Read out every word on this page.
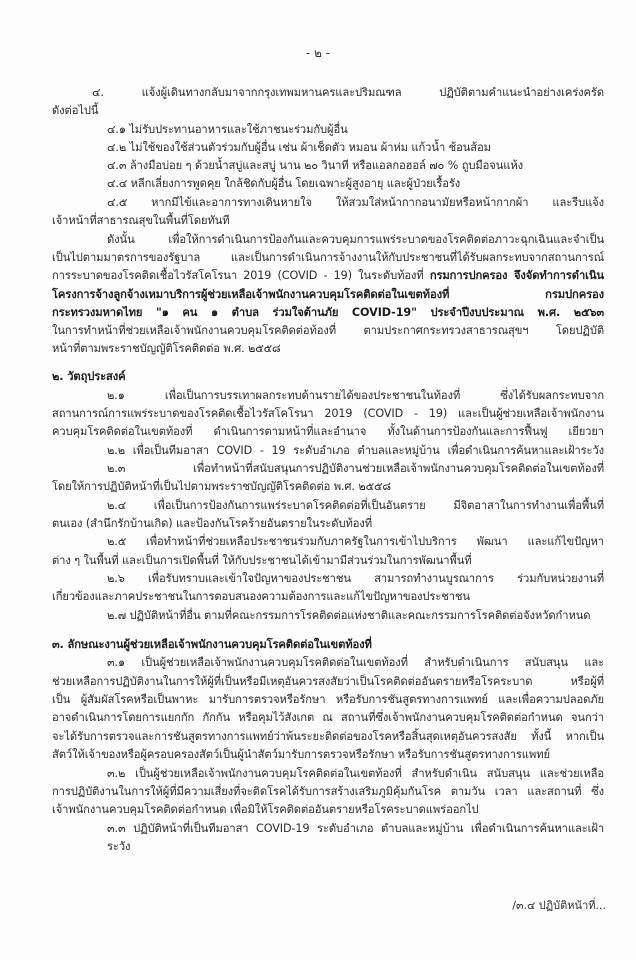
- ๒ -
๔. แจ้งผู้เดินทางกลับมาจากกรุงเทพมหานครและปริมณฑล ปฏิบัติตามคำแนะนำอย่างเคร่งครัด
ดังต่อไปนี้
๔.๑ ไม่รับประทานอาหารและใช้ภาชนะร่วมกับผู้อื่น
๔.๒ ไม่ใช้ของใช้ส่วนตัวร่วมกับผู้อื่น เช่น ผ้าเช็ดตัว หมอน ผ้าห่ม แก้วน้ำ ช้อนส้อม
๔.๓ ล้างมือบ่อย ๆ ด้วยน้ำสบู่และสบู่ นาน ๒๐ วินาที หรือแอลกอฮอล์ ๗๐ % ถูบมือจนแห้ง
๔.๔ หลีกเลี่ยงการพูดคุย ใกล้ชิดกับผู้อื่น โดยเฉพาะผู้สูงอายุ และผู้ป่วยเรื้อรัง
๔.๕ หากมีไข้และอาการทางเดินหายใจ ให้สวมใส่หน้ากากอนามัยหรือหน้ากากผ้า และรีบแจ้ง
เจ้าหน้าที่สาธารณสุขในพื้นที่โดยทันที
ดังนั้น เพื่อให้การดำเนินการป้องกันและควบคุมการแพร่ระบาดของโรคติดต่อภาวะฉุกเฉินและจำเป็น
เป็นไปตามมาตรการของรัฐบาล และเป็นการดำเนินการจ้างงานให้กับประชาชนที่ได้รับผลกระทบจากสถานการณ์
การระบาดของโรคติดเชื้อไวรัสโคโรนา 2019 (COVID - 19) ในระดับท้องที่ กรมการปกครอง จึงจัดทำการดำเนิน
โครงการจ้างลูกจ้างเหมาบริการผู้ช่วยเหลือเจ้าพนักงานควบคุมโรคติดต่อในเขตท้องที่ กรมปกครอง
กระทรวงมหาดไทย "๑ คน ๑ ตำบล ร่วมใจต้านภัย COVID-19" ประจำปีงบประมาณ พ.ศ. ๒๕๖๓
ในการทำหน้าที่ช่วยเหลือเจ้าพนักงานควบคุมโรคติดต่อท้องที่ ตามประกาศกระทรวงสาธารณสุขฯ โดยปฏิบัติ
หน้าที่ตามพระราชบัญญัติโรคติดต่อ พ.ศ. ๒๕๕๘
๒. วัตถุประสงค์
๒.๑ เพื่อเป็นการบรรเทาผลกระทบด้านรายได้ของประชาชนในท้องที่ ซึ่งได้รับผลกระทบจาก
สถานการณ์การแพร่ระบาดของโรคติดเชื้อไวรัสโคโรนา 2019 (COVID - 19) และเป็นผู้ช่วยเหลือเจ้าพนักงาน
ควบคุมโรคติดต่อในเขตท้องที่ ดำเนินการตามหน้าที่และอำนาจ ทั้งในด้านการป้องกันและการฟื้นฟู เยียวยา
๒.๒ เพื่อเป็นทีมอาสา COVID - 19 ระดับอำเภอ ตำบลและหมู่บ้าน เพื่อดำเนินการค้นหาและเฝ้าระวัง
๒.๓ เพื่อทำหน้าที่สนับสนุนการปฏิบัติงานช่วยเหลือเจ้าพนักงานควบคุมโรคติดต่อในเขตท้องที่
โดยให้การปฏิบัติหน้าที่เป็นไปตามพระราชบัญญัติโรคติดต่อ พ.ศ. ๒๕๕๘
๒.๔ เพื่อเป็นการป้องกันการแพร่ระบาดโรคติดต่อที่เป็นอันตราย มีจิตอาสาในการทำงานเพื่อพื้นที่
ตนเอง (สำนึกรักบ้านเกิด) และป้องกันโรคร้ายอันตรายในระดับท้องที่
๒.๕ เพื่อทำหน้าที่ช่วยเหลือประชาชนร่วมกับภาครัฐในการเข้าไปบริการ พัฒนา และแก้ไขปัญหา
ต่าง ๆ ในพื้นที่ และเป็นการเปิดพื้นที่ ให้กับประชาชนได้เข้ามามีส่วนร่วมในการพัฒนาพื้นที่
๒.๖ เพื่อรับทราบและเข้าใจปัญหาของประชาชน สามารถทำงานบูรณาการ ร่วมกับหน่วยงานที่
เกี่ยวข้องและภาคประชาชนในการตอบสนองความต้องการและแก้ไขปัญหาของประชาชน
๒.๗ ปฏิบัติหน้าที่อื่น ตามที่คณะกรรมการโรคติดต่อแห่งชาติและคณะกรรมการโรคติดต่อจังหวัดกำหนด
๓. ลักษณะงานผู้ช่วยเหลือเจ้าพนักงานควบคุมโรคติดต่อในเขตท้องที่
๓.๑ เป็นผู้ช่วยเหลือเจ้าพนักงานควบคุมโรคติดต่อในเขตท้องที่ สำหรับดำเนินการ สนับสนุน และ
ช่วยเหลือการปฏิบัติงานในการให้ผู้ที่เป็นหรือมีเหตุอันควรสงสัยว่าเป็นโรคติดต่ออันตรายหรือโรคระบาด หรือผู้ที่
เป็น ผู้สัมผัสโรคหรือเป็นพาหะ มารับการตรวจหรือรักษา หรือรับการชันสูตรทางการแพทย์ และเพื่อความปลอดภัย
อาจดำเนินการโดยการแยกกัก กักกัน หรือคุมไว้สังเกต ณ สถานที่ซึ่งเจ้าพนักงานควบคุมโรคติดต่อกำหนด จนกว่า
จะได้รับการตรวจและการชันสูตรทางการแพทย์ว่าพ้นระยะติดต่อของโรคหรือสิ้นสุดเหตุอันควรสงสัย ทั้งนี้ หากเป็น
สัตว์ให้เจ้าของหรือผู้ครอบครองสัตว์เป็นผู้นำสัตว์มารับการตรวจหรือรักษา หรือรับการชันสูตรทางการแพทย์
๓.๒ เป็นผู้ช่วยเหลือเจ้าพนักงานควบคุมโรคติดต่อในเขตท้องที่ สำหรับดำเนิน สนับสนุน และช่วยเหลือ
การปฏิบัติงานในการให้ผู้ที่มีความเสี่ยงที่จะติดโรคได้รับการสร้างเสริมภูมิคุ้มกันโรค ตามวัน เวลา และสถานที่ ซึ่ง
เจ้าพนักงานควบคุมโรคติดต่อกำหนด เพื่อมิให้โรคติดต่ออันตรายหรือโรคระบาดแพร่ออกไป
๓.๓ ปฏิบัติหน้าที่เป็นทีมอาสา COVID-19 ระดับอำเภอ ตำบลและหมู่บ้าน เพื่อดำเนินการค้นหาและเฝ้าระวัง
/๓.๔ ปฏิบัติหน้าที่...
